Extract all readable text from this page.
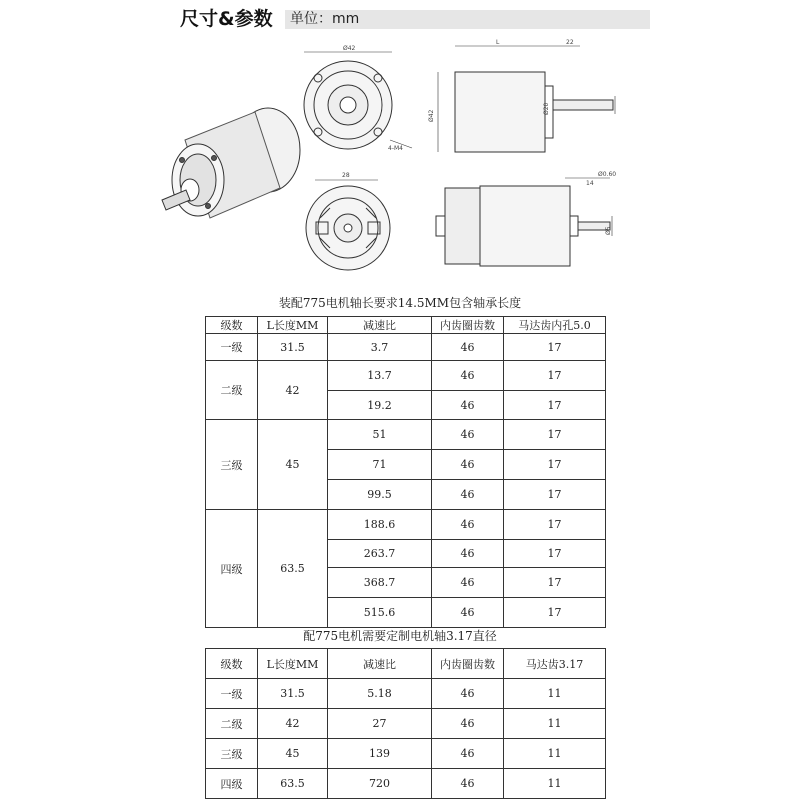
尺寸&参数 单位：mm
Ø42
4-M4
L	22
Ø42
Ø20
28	Ø0.60
14
Ø5
装配775电机轴长要求14.5MM包含轴承长度
级数	L长度MM	减速比	内齿圈齿数	马达齿内孔5.0
一级	31.5	3.7	46	17
二级	42	13.7	46	17
		19.2	46	17
三级	45	51	46	17
		71	46	17
		99.5	46	17
四级	63.5	188.6	46	17
		263.7	46	17
		368.7	46	17
		515.6	46	17
配775电机需要定制电机轴3.17直径
级数	L长度MM	减速比	内齿圈齿数	马达齿3.17
一级	31.5	5.18	46	11
二级	42	27	46	11
三级	45	139	46	11
四级	63.5	720	46	11
